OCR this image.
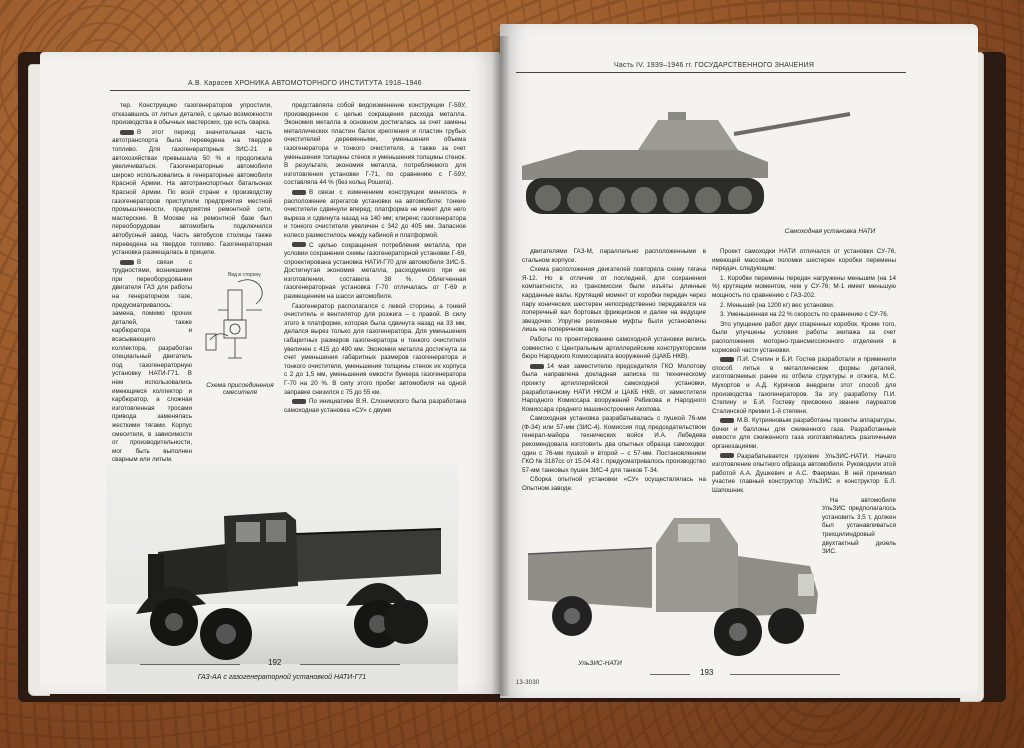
А.В. Карасев ХРОНИКА АВТОМОТОРНОГО ИНСТИТУТА 1918–1946

тер. Конструкцию газогенераторов упростили, отказавшись от литых деталей, с целью возможности производства в обычных мастерских, где есть сварка.

В этот период значительная часть автотранспорта была переведена на твердое топливо. Для газогенераторных ЗИС-21 в автохозяйствах превышала 50 % и продолжала увеличиваться. Газогенераторные автомобили широко использовались в генераторные автомобили Красной Армии. На автотранспортных батальонах Красной Армии. По всей стране к производству газогенераторов приступили предприятия местной промышленности, предприятия ремонтной сети, мастерские. В Москве на ремонтной базе был переоборудован автомобиль подключился автобусный завод. Часть автобусов столицы также переведена на твердое топливо. Газогенераторная установка размещалась в прицепе.

В связи с трудностями, возникшими при переоборудовании двигателя ГАЗ для работы на генераторном газе, предусматривалось: замена, помимо прочих деталей, также карбюратора и всасывающего коллектора, разработан специальный двигатель под газогенераторную установку НАТИ-Г71. В нем использовались имеющиеся коллектор и карбюратор, а сложная изготовленная тросами привода заменялась жесткими тягами. Корпус смесителя, в зависимости от производительности, мог быть выполнен сварным или литым.

Вид в сторону
Схема присоединения смесителя

представляла собой видоизменение конструкции Г-59У, произведенное с целью сокращения расхода металла. Экономия металла в основном достигалась за счет замены металлических пластин балок крепления и пластин грубых очистителей деревянными, уменьшения объема газогенератора и тонкого очистителя, а также за счет уменьшения толщины стенок и уменьшения толщины стенок. В результате, экономия металла, потребляемого для изготовления установки Г-71, по сравнению с Г-59У, составляла 44 % (без кольц Рошига).

В связи с изменением конструкции менялось и расположение агрегатов установки на автомобиле: тонкие очистители сдвинули вперед; платформа не имеет для него выреза и сдвинута назад на 140 мм; клиренс газогенератора и тонкого очистителя увеличен с 342 до 405 мм. Запасное колесо разместилось между кабиной и платформой.

С целью сокращения потребления металла, при условии сохранения схемы газогенераторной установки Г-69, спроектирована установка НАТИ-Г70 для автомобиля ЗИС-5. Достигнутая экономия металла, расходуемого при ее изготовлении, составила 38 %. Облегченная газогенераторная установка Г-70 отличалась от Г-69 и размещением на шасси автомобиля.

Газогенератор располагался с левой стороны, а тонкий очиститель и вентилятор для розжига – с правой. В силу этого в платформе, которая была сдвинута назад на 33 мм, делался вырез только для газогенератора. Для уменьшения габаритных размеров газогенератора и тонкого очистителя увеличен с 415 до 480 мм. Экономия металла достигнута за счет уменьшения габаритных размеров газогенератора и тонкого очистителя, уменьшения толщины стенок их корпуса с 2 до 1,5 мм, уменьшения емкости бункера газогенератора Г-70 на 20 %. В силу этого пробег автомобиля на одной заправке снизился с 75 до 55 км.

По инициативе В.Я. Слонимского была разработана самоходная установка «СУ» с двумя

ГАЗ-АА с газогенераторной установкой НАТИ-Г71
192
Часть IV. 1939–1946 гг. ГОСУДАРСТВЕННОГО ЗНАЧЕНИЯ
Самоходная установка НАТИ

двигателями ГАЗ-М, параллельно расположенными в стальном корпусе.

Схема расположения двигателей повторяла схему тягача Я-12. Но в отличие от последней, для сохранения компактности, из трансмиссии были изъяты длинные карданные валы. Крутящий момент от коробки передач через пару конических шестерен непосредственно передавался на поперечный вал бортовых фрикционов и далее на ведущие звездочки. Упругие резиновые муфты были установлены лишь на поперечном валу.

Работы по проектированию самоходной установки велись совместно с Центральным артиллерийским конструкторским бюро Народного Комиссариата вооружений (ЦАКБ НКВ).

14 мая заместителю председателя ГКО Молотову была направлена докладная записка по техническому проекту артиллерийской самоходной установки, разработанному НАТИ НКСМ и ЦАКБ НКВ, от заместителя Народного Комиссара вооружений Рябикова и Народного Комиссара среднего машиностроения Акопова.

Самоходная установка разрабатывалась с пушкой 76-мм (Ф-34) или 57-мм (ЗИС-4). Комиссия под председательством генерал-майора технических войск И.А. Лебедева рекомендовала изготовить два опытных образца самоходки: один с 76-мм пушкой и второй – с 57-мм. Постановлением ГКО № 3187сс от 15.04.43 г. предусматривалось производство 57-мм танковых пушек ЗИС-4 для танков Т-34.

Сборка опытной установки «СУ» осуществлялась на Опытном заводе.

Проект самоходки НАТИ отличался от установки СУ-76, имеющей массовые поломки шестерен коробки перемены передач, следующим:

1. Коробки перемены передач нагружены меньшим (на 14 %) крутящим моментом, чем у СУ-76; М-1 имеет меньшую мощность по сравнению с ГАЗ-202.

2. Меньший (на 1200 кг) вес установки.

3. Уменьшенная на 22 % скорость по сравнению с СУ-76.

Это упущение работ двух спаренных коробок. Кроме того, были улучшены условия работы экипажа за счет расположения моторно-трансмиссионного отделения в кормовой части установки.

П.И. Степин и Б.И. Гостев разработали и применили способ литья в металлические формы деталей, изготовляемых ранее из отбела структуры и отжига, М.С. Мухортов и А.Д. Курячков внедрили этот способ для производства газогенераторов. За эту разработку П.И. Степину и Б.И. Гостеву присвоено звание лауреатов Сталинской премии 1-й степени.

М.В. Кутрияновым разработаны проекты аппаратуры, бочки и баллоны для сжиженного газа. Разработанные емкости для сжиженного газа изготавливались различными организациями.

Разрабатывается грузовик УльЗИС-НАТИ. Начато изготовление опытного образца автомобиля. Руководили этой работой А.А. Душкевич и А.С. Фаерман. В ней принимал участие главный конструктор УльЗИС и конструктор Б.Л. Шапошник.

На автомобиле УльЗИС предполагалось установить 3,5 т, должен был устанавливаться трехцилиндровый двухтактный дизель ЗИС.

УльЗИС-НАТИ
193
13-3030
